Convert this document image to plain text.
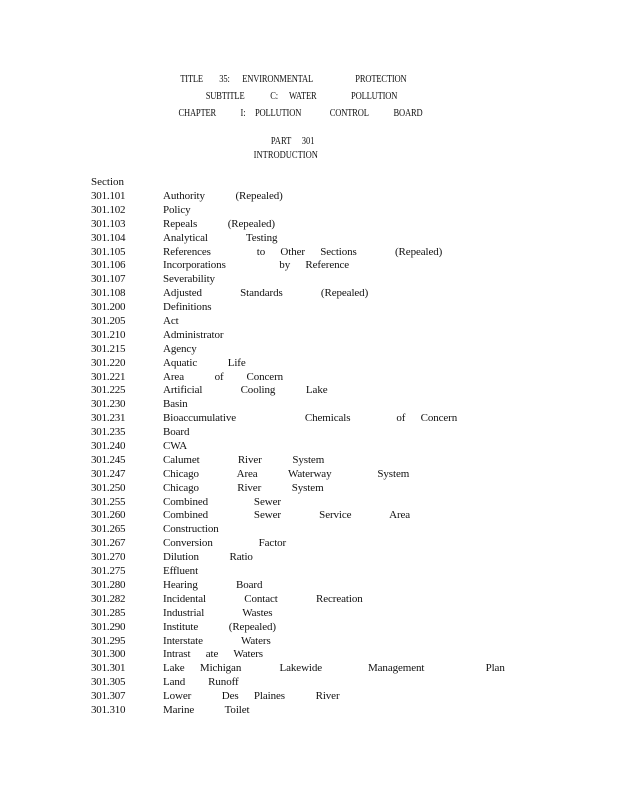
TITLE 35: ENVIRONMENTAL	PROTECTION
SUBTITLE	C: WATER	POLLUTION
CHAPTER I: POLLUTION	CONTROL BOARD
PART     301
INTRODUCTION
Section
301.101	Authority    (Repealed)
301.102	Policy
301.103	Repeals    (Repealed)
301.104	Analytical     Testing
301.105	References      to  Other  Sections     (Repealed)
301.106	Incorporations       by  Reference
301.107	Severability
301.108	Adjusted     Standards     (Repealed)
301.200	Definitions
301.205	Act
301.210	Administrator
301.215	Agency
301.220	Aquatic    Life
301.221	Area    of   Concern
301.225	Artificial     Cooling    Lake
301.230	Basin
301.231	Bioaccumulative         Chemicals      of  Concern
301.235	Board
301.240	CWA
301.245	Calumet     River    System
301.247	Chicago     Area    Waterway      System
301.250	Chicago     River    System
301.255	Combined      Sewer
301.260	Combined      Sewer     Service     Area
301.265	Construction
301.267	Conversion      Factor
301.270	Dilution    Ratio
301.275	Effluent
301.280	Hearing     Board
301.282	Incidental     Contact     Recreation
301.285	Industrial     Wastes
301.290	Institute    (Repealed)
301.295	Interstate     Waters
301.300	Intrast  ate  Waters
301.301	Lake  Michigan     Lakewide      Management        Plan
301.305	Land   Runoff
301.307	Lower    Des  Plaines    River
301.310	Marine    Toilet
